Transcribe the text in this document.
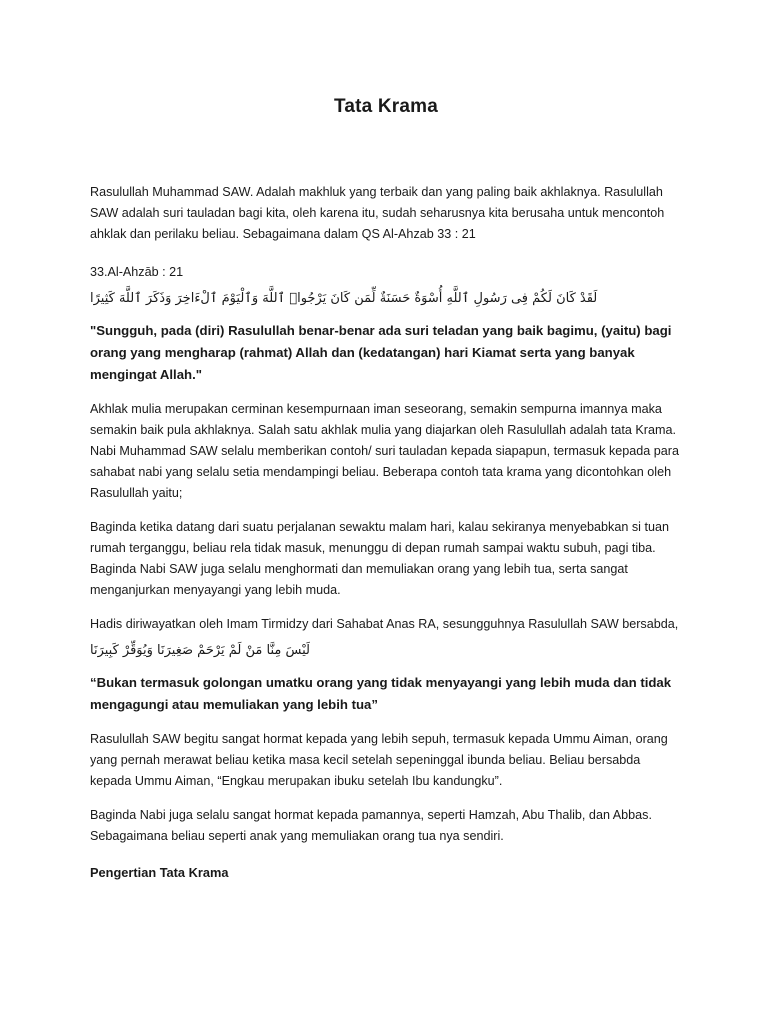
Tata Krama

Rasulullah Muhammad SAW. Adalah makhluk yang terbaik dan yang paling baik akhlaknya. Rasulullah SAW adalah suri tauladan bagi kita, oleh karena itu, sudah seharusnya kita berusaha untuk mencontoh ahklak dan perilaku beliau. Sebagaimana dalam QS Al-Ahzab 33 : 21

33.Al-Ahzāb : 21

لَقَدْ كَانَ لَكُمْ فِى رَسُولِ ٱللَّهِ أُسْوَةٌ حَسَنَةٌ لِّمَن كَانَ يَرْجُوا۟ ٱللَّهَ وَٱلْيَوْمَ ٱلْءَاخِرَ وَذَكَرَ ٱللَّهَ كَثِيرًا

"Sungguh, pada (diri) Rasulullah benar-benar ada suri teladan yang baik bagimu, (yaitu) bagi orang yang mengharap (rahmat) Allah dan (kedatangan) hari Kiamat serta yang banyak mengingat Allah."

Akhlak mulia merupakan cerminan kesempurnaan iman seseorang, semakin sempurna imannya maka semakin baik pula akhlaknya. Salah satu akhlak mulia yang diajarkan oleh Rasulullah adalah tata Krama. Nabi Muhammad SAW selalu memberikan contoh/ suri tauladan kepada siapapun, termasuk kepada para sahabat nabi yang selalu setia mendampingi beliau. Beberapa contoh tata krama yang dicontohkan oleh Rasulullah yaitu;

Baginda ketika datang dari suatu perjalanan sewaktu malam hari, kalau sekiranya menyebabkan si tuan rumah terganggu, beliau rela tidak masuk, menunggu di depan rumah sampai waktu subuh, pagi tiba. Baginda Nabi SAW juga selalu menghormati dan memuliakan orang yang lebih tua, serta sangat menganjurkan menyayangi yang lebih muda.

Hadis diriwayatkan oleh Imam Tirmidzy dari Sahabat Anas RA, sesungguhnya Rasulullah SAW bersabda,

لَيْسَ مِنَّا مَنْ لَمْ يَرْحَمْ صَغِيرَنَا وَيُوَقِّرْ كَبِيرَنَا

“Bukan termasuk golongan umatku orang yang tidak menyayangi yang lebih muda dan tidak mengagungi atau memuliakan yang lebih tua”

Rasulullah SAW begitu sangat hormat kepada yang lebih sepuh, termasuk kepada Ummu Aiman, orang yang pernah merawat beliau ketika masa kecil setelah sepeninggal ibunda beliau. Beliau bersabda kepada Ummu Aiman, “Engkau merupakan ibuku setelah Ibu kandungku”.

Baginda Nabi juga selalu sangat hormat kepada pamannya, seperti Hamzah, Abu Thalib, dan Abbas. Sebagaimana beliau seperti anak yang memuliakan orang tua nya sendiri.

Pengertian Tata Krama
